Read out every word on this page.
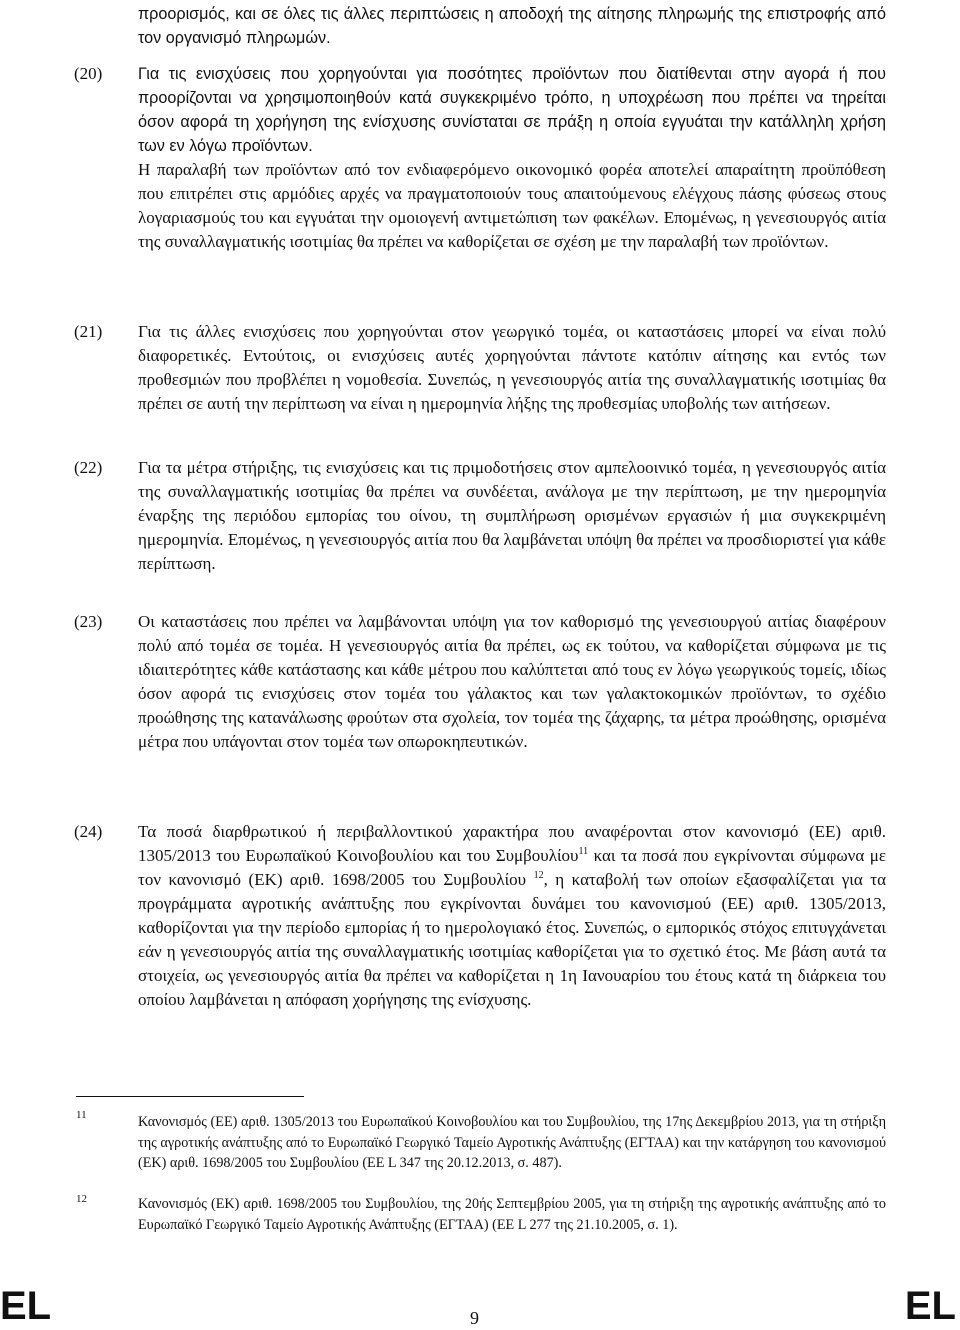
προορισμός, και σε όλες τις άλλες περιπτώσεις η αποδοχή της αίτησης πληρωμής της επιστροφής από τον οργανισμό πληρωμών.

(20) Για τις ενισχύσεις που χορηγούνται για ποσότητες προϊόντων που διατίθενται στην αγορά ή που προορίζονται να χρησιμοποιηθούν κατά συγκεκριμένο τρόπο, η υποχρέωση που πρέπει να τηρείται όσον αφορά τη χορήγηση της ενίσχυσης συνίσταται σε πράξη η οποία εγγυάται την κατάλληλη χρήση των εν λόγω προϊόντων.

Η παραλαβή των προϊόντων από τον ενδιαφερόμενο οικονομικό φορέα αποτελεί απαραίτητη προϋπόθεση που επιτρέπει στις αρμόδιες αρχές να πραγματοποιούν τους απαιτούμενους ελέγχους πάσης φύσεως στους λογαριασμούς του και εγγυάται την ομοιογενή αντιμετώπιση των φακέλων. Επομένως, η γενεσιουργός αιτία της συναλλαγματικής ισοτιμίας θα πρέπει να καθορίζεται σε σχέση με την παραλαβή των προϊόντων.

(21) Για τις άλλες ενισχύσεις που χορηγούνται στον γεωργικό τομέα, οι καταστάσεις μπορεί να είναι πολύ διαφορετικές. Εντούτοις, οι ενισχύσεις αυτές χορηγούνται πάντοτε κατόπιν αίτησης και εντός των προθεσμιών που προβλέπει η νομοθεσία. Συνεπώς, η γενεσιουργός αιτία της συναλλαγματικής ισοτιμίας θα πρέπει σε αυτή την περίπτωση να είναι η ημερομηνία λήξης της προθεσμίας υποβολής των αιτήσεων.

(22) Για τα μέτρα στήριξης, τις ενισχύσεις και τις πριμοδοτήσεις στον αμπελοοινικό τομέα, η γενεσιουργός αιτία της συναλλαγματικής ισοτιμίας θα πρέπει να συνδέεται, ανάλογα με την περίπτωση, με την ημερομηνία έναρξης της περιόδου εμπορίας του οίνου, τη συμπλήρωση ορισμένων εργασιών ή μια συγκεκριμένη ημερομηνία. Επομένως, η γενεσιουργός αιτία που θα λαμβάνεται υπόψη θα πρέπει να προσδιοριστεί για κάθε περίπτωση.

(23) Οι καταστάσεις που πρέπει να λαμβάνονται υπόψη για τον καθορισμό της γενεσιουργού αιτίας διαφέρουν πολύ από τομέα σε τομέα. Η γενεσιουργός αιτία θα πρέπει, ως εκ τούτου, να καθορίζεται σύμφωνα με τις ιδιαιτερότητες κάθε κατάστασης και κάθε μέτρου που καλύπτεται από τους εν λόγω γεωργικούς τομείς, ιδίως όσον αφορά τις ενισχύσεις στον τομέα του γάλακτος και των γαλακτοκομικών προϊόντων, το σχέδιο προώθησης της κατανάλωσης φρούτων στα σχολεία, τον τομέα της ζάχαρης, τα μέτρα προώθησης, ορισμένα μέτρα που υπάγονται στον τομέα των οπωροκηπευτικών.

(24) Τα ποσά διαρθρωτικού ή περιβαλλοντικού χαρακτήρα που αναφέρονται στον κανονισμό (ΕΕ) αριθ. 1305/2013 του Ευρωπαϊκού Κοινοβουλίου και του Συμβουλίου$^{11}$ και τα ποσά που εγκρίνονται σύμφωνα με τον κανονισμό (ΕΚ) αριθ. 1698/2005 του Συμβουλίου $^{12}$, η καταβολή των οποίων εξασφαλίζεται για τα προγράμματα αγροτικής ανάπτυξης που εγκρίνονται δυνάμει του κανονισμού (ΕΕ) αριθ. 1305/2013, καθορίζονται για την περίοδο εμπορίας ή το ημερολογιακό έτος. Συνεπώς, ο εμπορικός στόχος επιτυγχάνεται εάν η γενεσιουργός αιτία της συναλλαγματικής ισοτιμίας καθορίζεται για το σχετικό έτος. Με βάση αυτά τα στοιχεία, ως γενεσιουργός αιτία θα πρέπει να καθορίζεται η 1η Ιανουαρίου του έτους κατά τη διάρκεια του οποίου λαμβάνεται η απόφαση χορήγησης της ενίσχυσης.

11	Κανονισμός (ΕΕ) αριθ. 1305/2013 του Ευρωπαϊκού Κοινοβουλίου και του Συμβουλίου, της 17ης Δεκεμβρίου 2013, για τη στήριξη της αγροτικής ανάπτυξης από το Ευρωπαϊκό Γεωργικό Ταμείο Αγροτικής Ανάπτυξης (ΕΓΤΑΑ) και την κατάργηση του κανονισμού (ΕΚ) αριθ. 1698/2005 του Συμβουλίου (ΕΕ L 347 της 20.12.2013, σ. 487).

12	Κανονισμός (ΕΚ) αριθ. 1698/2005 του Συμβουλίου, της 20ής Σεπτεμβρίου 2005, για τη στήριξη της αγροτικής ανάπτυξης από το Ευρωπαϊκό Γεωργικό Ταμείο Αγροτικής Ανάπτυξης (ΕΓΤΑΑ) (ΕΕ L 277 της 21.10.2005, σ. 1).

EL	9	EL
